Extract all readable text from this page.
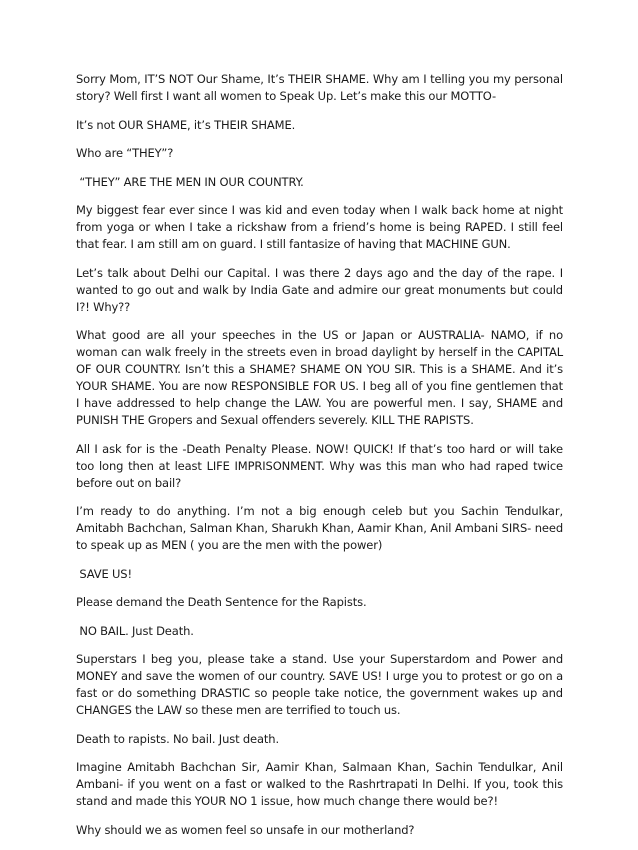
Sorry Mom, IT’S NOT Our Shame, It’s THEIR SHAME. Why am I telling you my personal story? Well first I want all women to Speak Up. Let’s make this our MOTTO-

It’s not OUR SHAME, it’s THEIR SHAME.

Who are “THEY”?

“THEY” ARE THE MEN IN OUR COUNTRY.

My biggest fear ever since I was kid and even today when I walk back home at night from yoga or when I take a rickshaw from a friend’s home is being RAPED. I still feel that fear. I am still am on guard. I still fantasize of having that MACHINE GUN.

Let’s talk about Delhi our Capital. I was there 2 days ago and the day of the rape. I wanted to go out and walk by India Gate and admire our great monuments but could I?! Why??

What good are all your speeches in the US or Japan or AUSTRALIA- NAMO, if no woman can walk freely in the streets even in broad daylight by herself in the CAPITAL OF OUR COUNTRY. Isn’t this a SHAME? SHAME ON YOU SIR. This is a SHAME. And it’s YOUR SHAME. You are now RESPONSIBLE FOR US. I beg all of you fine gentlemen that I have addressed to help change the LAW. You are powerful men. I say, SHAME and PUNISH THE Gropers and Sexual offenders severely. KILL THE RAPISTS.

All I ask for is the -Death Penalty Please. NOW! QUICK! If that’s too hard or will take too long then at least LIFE IMPRISONMENT. Why was this man who had raped twice before out on bail?

I’m ready to do anything. I’m not a big enough celeb but you Sachin Tendulkar, Amitabh Bachchan, Salman Khan, Sharukh Khan, Aamir Khan, Anil Ambani SIRS- need to speak up as MEN ( you are the men with the power)

SAVE US!

Please demand the Death Sentence for the Rapists.

NO BAIL. Just Death.

Superstars I beg you, please take a stand. Use your Superstardom and Power and MONEY and save the women of our country. SAVE US! I urge you to protest or go on a fast or do something DRASTIC so people take notice, the government wakes up and CHANGES the LAW so these men are terrified to touch us.

Death to rapists. No bail. Just death.

Imagine Amitabh Bachchan Sir, Aamir Khan, Salmaan Khan, Sachin Tendulkar, Anil Ambani- if you went on a fast or walked to the Rashrtrapati In Delhi. If you, took this stand and made this YOUR NO 1 issue, how much change there would be?!

Why should we as women feel so unsafe in our motherland?
